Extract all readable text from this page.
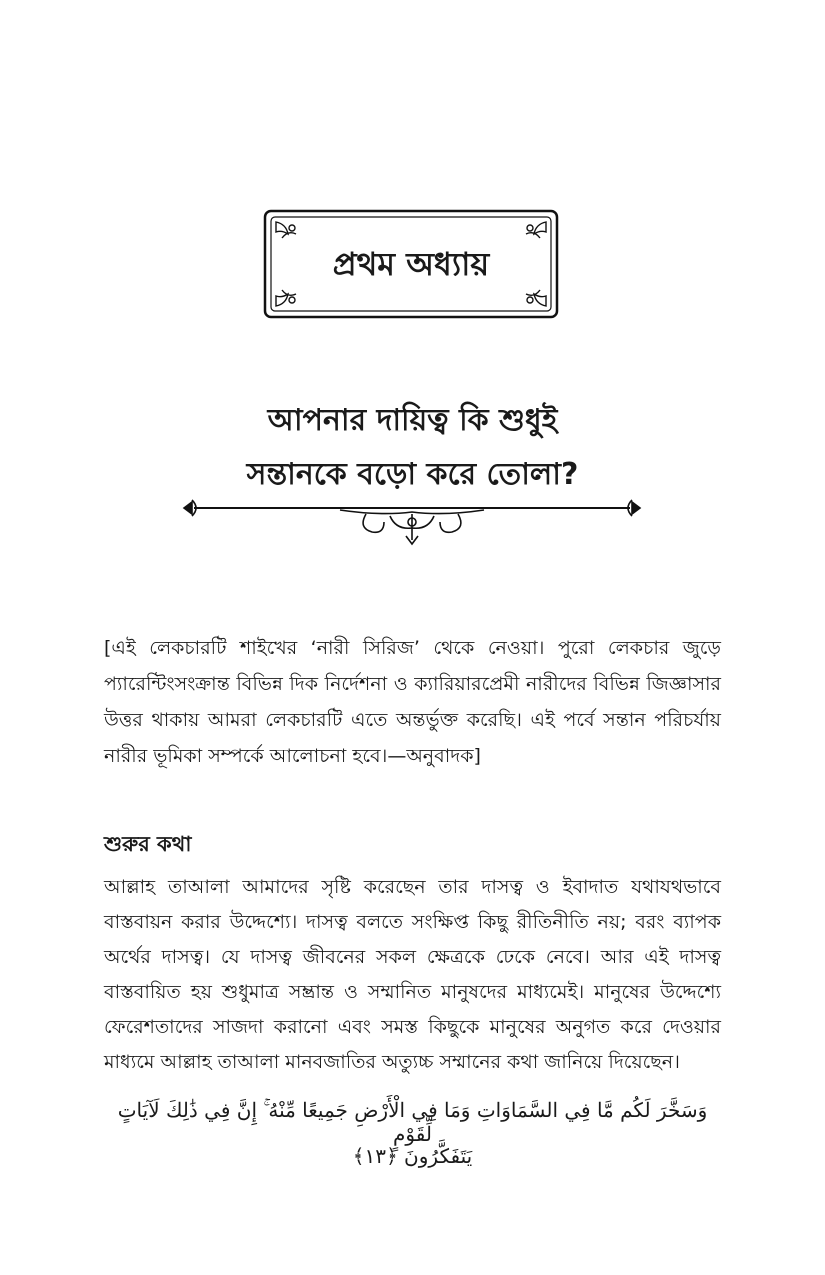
প্রথম অধ্যায়
আপনার দায়িত্ব কি শুধুই
সন্তানকে বড়ো করে তোলা?
[এই লেকচারটি শাইখের ‘নারী সিরিজ’ থেকে নেওয়া। পুরো লেকচার জুড়ে প্যারেন্টিংসংক্রান্ত বিভিন্ন দিক নির্দেশনা ও ক্যারিয়ারপ্রেমী নারীদের বিভিন্ন জিজ্ঞাসার উত্তর থাকায় আমরা লেকচারটি এতে অন্তর্ভুক্ত করেছি। এই পর্বে সন্তান পরিচর্যায় নারীর ভূমিকা সম্পর্কে আলোচনা হবে।—অনুবাদক]
শুরুর কথা
আল্লাহ তাআলা আমাদের সৃষ্টি করেছেন তার দাসত্ব ও ইবাদাত যথাযথভাবে বাস্তবায়ন করার উদ্দেশ্যে। দাসত্ব বলতে সংক্ষিপ্ত কিছু রীতিনীতি নয়; বরং ব্যাপক অর্থের দাসত্ব। যে দাসত্ব জীবনের সকল ক্ষেত্রকে ঢেকে নেবে। আর এই দাসত্ব বাস্তবায়িত হয় শুধুমাত্র সম্ভ্রান্ত ও সম্মানিত মানুষদের মাধ্যমেই। মানুষের উদ্দেশ্যে ফেরেশতাদের সাজদা করানো এবং সমস্ত কিছুকে মানুষের অনুগত করে দেওয়ার মাধ্যমে আল্লাহ তাআলা মানবজাতির অত্যুচ্চ সম্মানের কথা জানিয়ে দিয়েছেন।
وَسَخَّرَ لَكُم مَّا فِي السَّمَاوَاتِ وَمَا فِي الْأَرْضِ جَمِيعًا مِّنْهُ ۚ إِنَّ فِي ذَٰلِكَ لَآيَاتٍ لِّقَوْمٍ
يَتَفَكَّرُونَ ﴿١٣﴾
